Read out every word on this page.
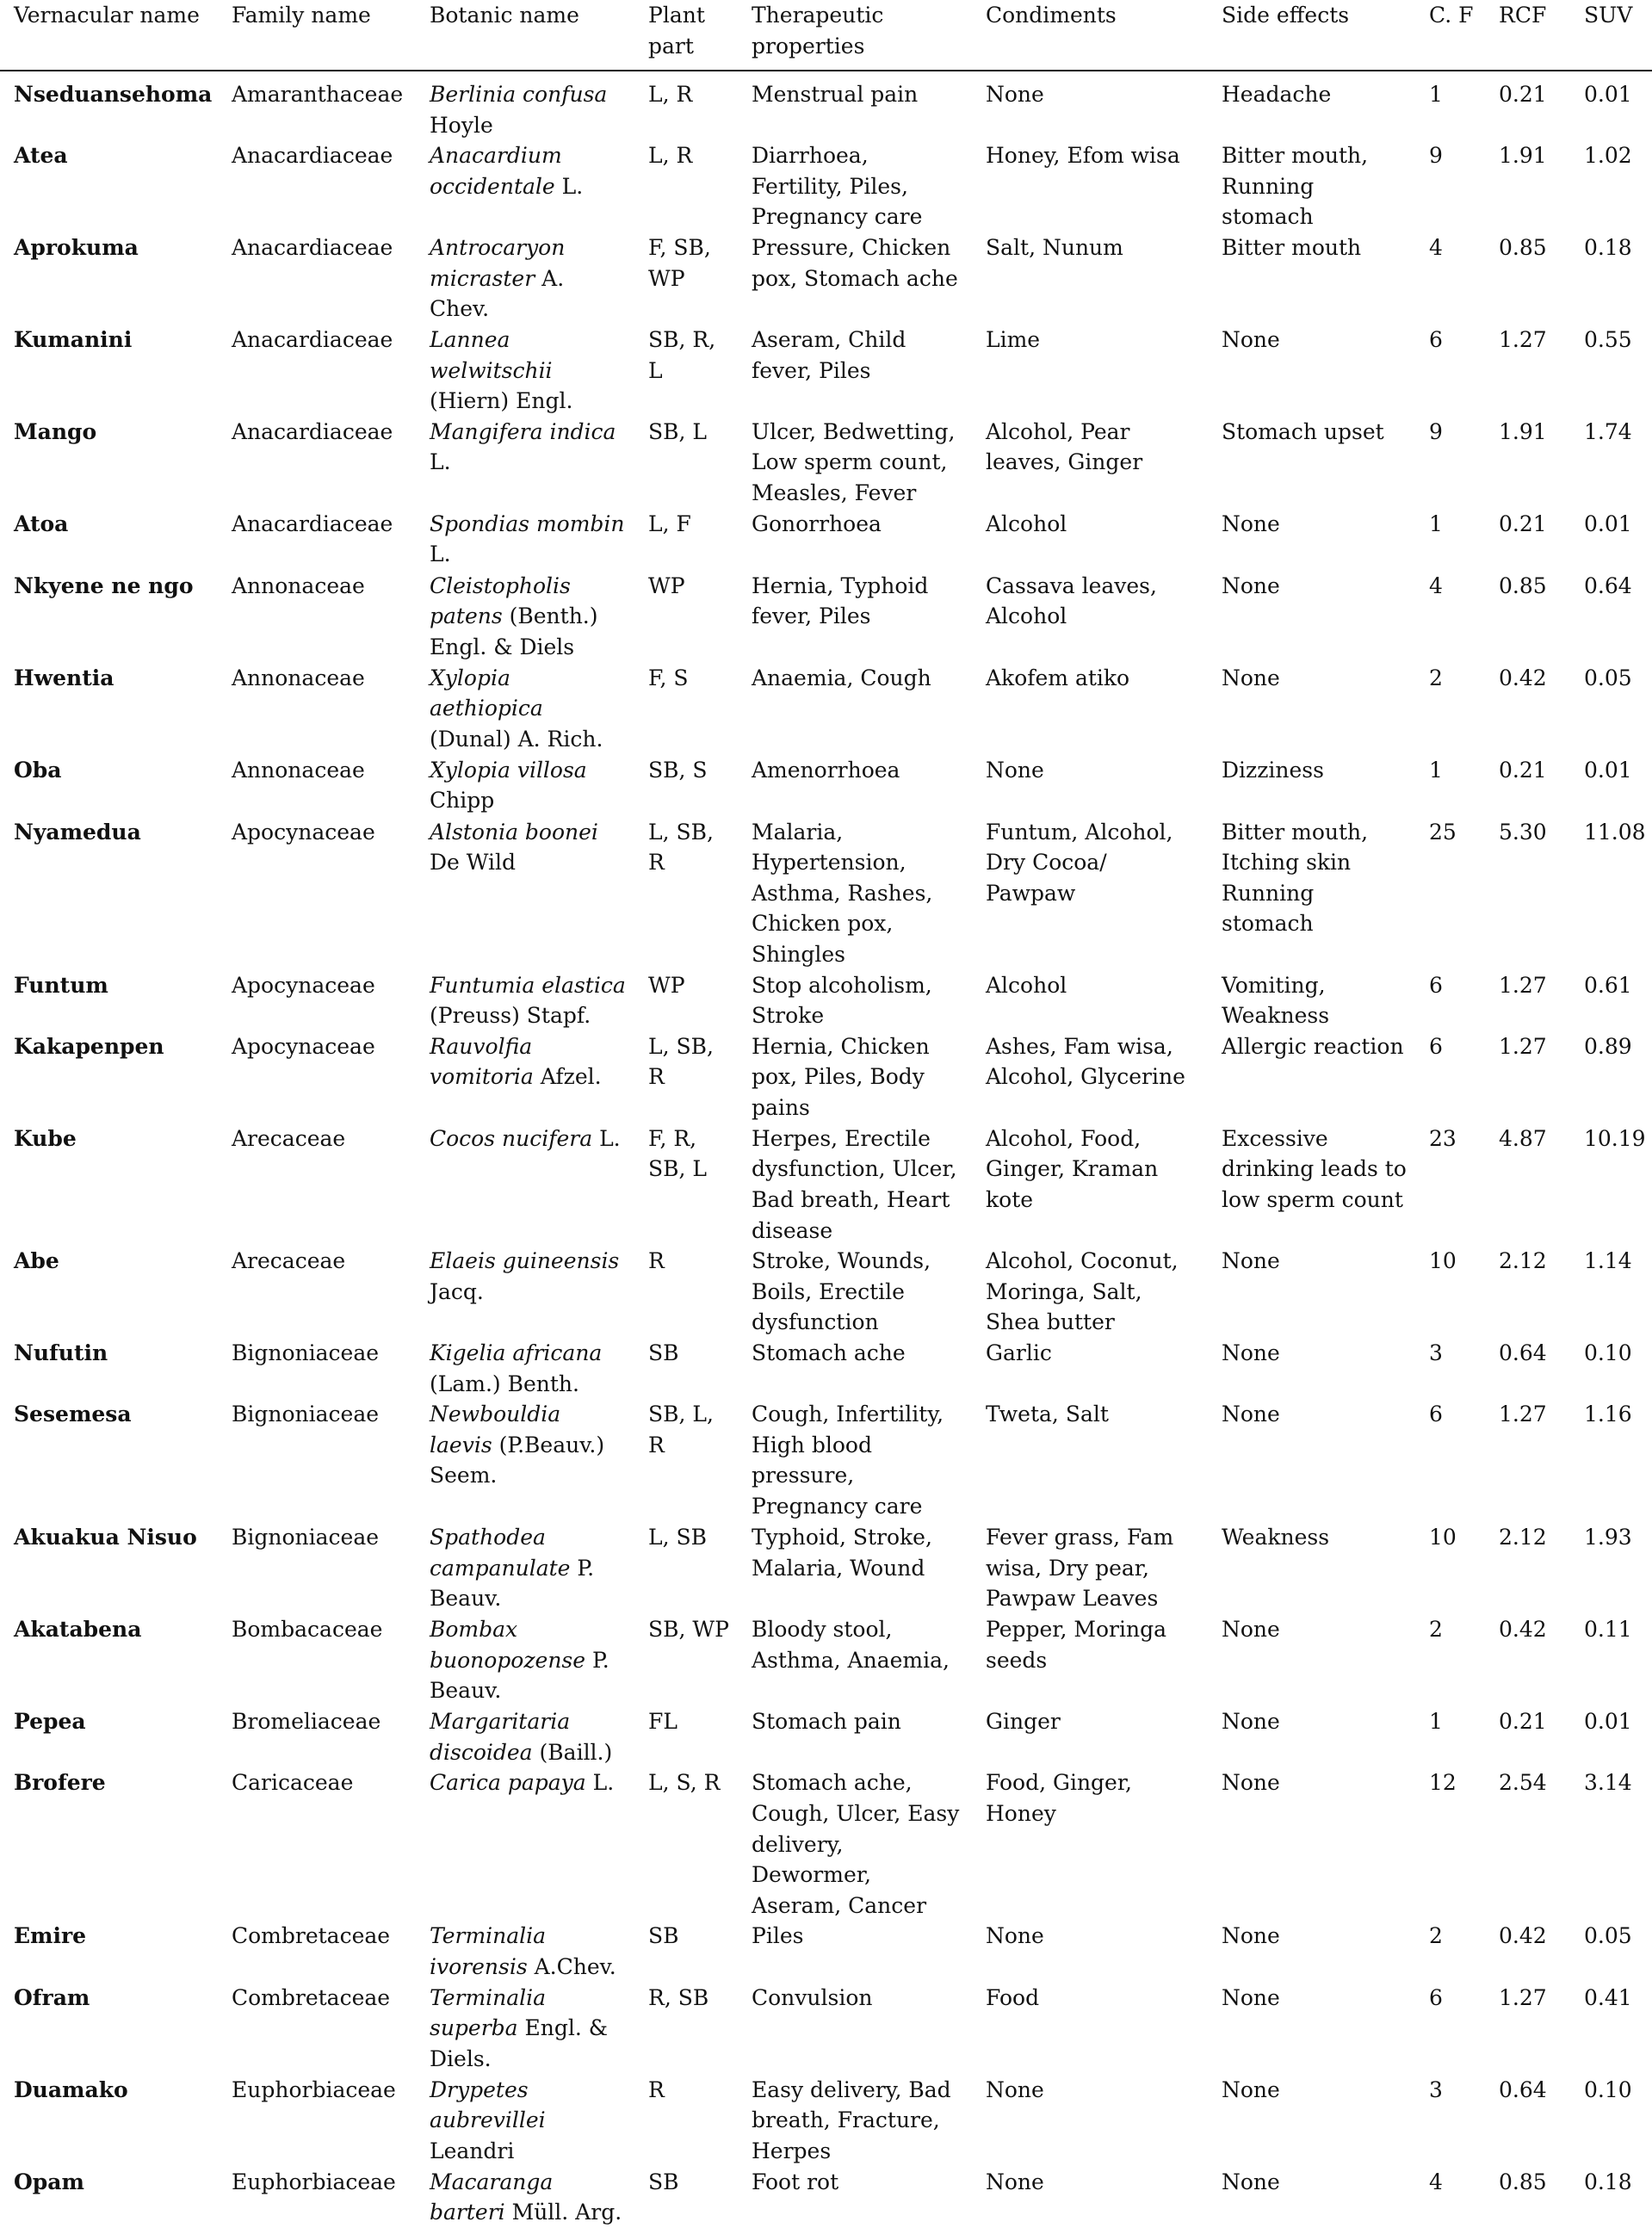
Vernacular name	Family name	Botanic name	Plant part	Therapeutic properties	Condiments	Side effects	C. F	RCF	SUV
Nseduansehoma	Amaranthaceae	Berlinia confusa Hoyle	L, R	Menstrual pain	None	Headache	1	0.21	0.01
Atea	Anacardiaceae	Anacardium occidentale L.	L, R	Diarrhoea, Fertility, Piles, Pregnancy care	Honey, Efom wisa	Bitter mouth, Running stomach	9	1.91	1.02
Aprokuma	Anacardiaceae	Antrocaryon micraster A. Chev.	F, SB, WP	Pressure, Chicken pox, Stomach ache	Salt, Nunum	Bitter mouth	4	0.85	0.18
Kumanini	Anacardiaceae	Lannea welwitschii (Hiern) Engl.	SB, R, L	Aseram, Child fever, Piles	Lime	None	6	1.27	0.55
Mango	Anacardiaceae	Mangifera indica L.	SB, L	Ulcer, Bedwetting, Low sperm count, Measles, Fever	Alcohol, Pear leaves, Ginger	Stomach upset	9	1.91	1.74
Atoa	Anacardiaceae	Spondias mombin L.	L, F	Gonorrhoea	Alcohol	None	1	0.21	0.01
Nkyene ne ngo	Annonaceae	Cleistopholis patens (Benth.) Engl. & Diels	WP	Hernia, Typhoid fever, Piles	Cassava leaves, Alcohol	None	4	0.85	0.64
Hwentia	Annonaceae	Xylopia aethiopica (Dunal) A. Rich.	F, S	Anaemia, Cough	Akofem atiko	None	2	0.42	0.05
Oba	Annonaceae	Xylopia villosa Chipp	SB, S	Amenorrhoea	None	Dizziness	1	0.21	0.01
Nyamedua	Apocynaceae	Alstonia boonei De Wild	L, SB, R	Malaria, Hypertension, Asthma, Rashes, Chicken pox, Shingles	Funtum, Alcohol, Dry Cocoa/ Pawpaw	Bitter mouth, Itching skin Running stomach	25	5.30	11.08
Funtum	Apocynaceae	Funtumia elastica (Preuss) Stapf.	WP	Stop alcoholism, Stroke	Alcohol	Vomiting, Weakness	6	1.27	0.61
Kakapenpen	Apocynaceae	Rauvolfia vomitoria Afzel.	L, SB, R	Hernia, Chicken pox, Piles, Body pains	Ashes, Fam wisa, Alcohol, Glycerine	Allergic reaction	6	1.27	0.89
Kube	Arecaceae	Cocos nucifera L.	F, R, SB, L	Herpes, Erectile dysfunction, Ulcer, Bad breath, Heart disease	Alcohol, Food, Ginger, Kraman kote	Excessive drinking leads to low sperm count	23	4.87	10.19
Abe	Arecaceae	Elaeis guineensis Jacq.	R	Stroke, Wounds, Boils, Erectile dysfunction	Alcohol, Coconut, Moringa, Salt, Shea butter	None	10	2.12	1.14
Nufutin	Bignoniaceae	Kigelia africana (Lam.) Benth.	SB	Stomach ache	Garlic	None	3	0.64	0.10
Sesemesa	Bignoniaceae	Newbouldia laevis (P.Beauv.) Seem.	SB, L, R	Cough, Infertility, High blood pressure, Pregnancy care	Tweta, Salt	None	6	1.27	1.16
Akuakua Nisuo	Bignoniaceae	Spathodea campanulate P. Beauv.	L, SB	Typhoid, Stroke, Malaria, Wound	Fever grass, Fam wisa, Dry pear, Pawpaw Leaves	Weakness	10	2.12	1.93
Akatabena	Bombacaceae	Bombax buonopozense P. Beauv.	SB, WP	Bloody stool, Asthma, Anaemia,	Pepper, Moringa seeds	None	2	0.42	0.11
Pepea	Bromeliaceae	Margaritaria discoidea (Baill.)	FL	Stomach pain	Ginger	None	1	0.21	0.01
Brofere	Caricaceae	Carica papaya L.	L, S, R	Stomach ache, Cough, Ulcer, Easy delivery, Dewormer, Aseram, Cancer	Food, Ginger, Honey	None	12	2.54	3.14
Emire	Combretaceae	Terminalia ivorensis A.Chev.	SB	Piles	None	None	2	0.42	0.05
Ofram	Combretaceae	Terminalia superba Engl. & Diels.	R, SB	Convulsion	Food	None	6	1.27	0.41
Duamako	Euphorbiaceae	Drypetes aubrevillei Leandri	R	Easy delivery, Bad breath, Fracture, Herpes	None	None	3	0.64	0.10
Opam	Euphorbiaceae	Macaranga barteri Müll. Arg.	SB	Foot rot	None	None	4	0.85	0.18
